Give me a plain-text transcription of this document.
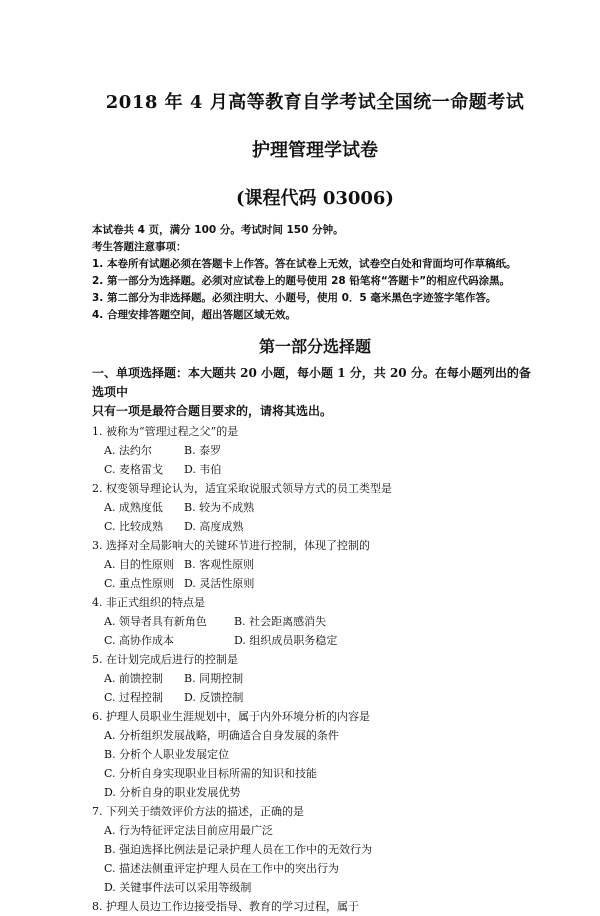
2018 年 4 月高等教育自学考试全国统一命题考试
护理管理学试卷
(课程代码 03006)

本试卷共 4 页，满分 100 分。考试时间 150 分钟。

考生答题注意事项：

1. 本卷所有试题必须在答题卡上作答。答在试卷上无效，试卷空白处和背面均可作草稿纸。

2. 第一部分为选择题。必须对应试卷上的题号使用 28 铅笔将“答题卡”的相应代码涂黑。

3. 第二部分为非选择题。必须注明大、小题号，使用 0．5 毫米黑色字迹签字笔作答。

4. 合理安排答题空间，超出答题区域无效。

第一部分选择题
一、单项选择题：本大题共 20 小题，每小题 1 分，共 20 分。在每小题列出的备选项中
只有一项是最符合题目要求的，请将其选出。
1. 被称为“管理过程之父”的是
A. 法约尔	B. 泰罗
C. 麦格雷戈	D. 韦伯
2. 权变领导理论认为，适宜采取说服式领导方式的员工类型是
A. 成熟度低	B. 较为不成熟
C. 比较成熟	D. 高度成熟
3. 选择对全局影响大的关键环节进行控制，体现了控制的
A. 目的性原则 B. 客观性原则
C. 重点性原则 D. 灵活性原则
4. 非正式组织的特点是
A. 领导者具有新角色	B. 社会距离感消失
C. 高协作成本	D. 组织成员职务稳定
5. 在计划完成后进行的控制是
A. 前馈控制	B. 同期控制
C. 过程控制	D. 反馈控制
6. 护理人员职业生涯规划中，属于内外环境分析的内容是
A. 分析组织发展战略，明确适合自身发展的条件
B. 分析个人职业发展定位
C. 分析自身实现职业目标所需的知识和技能
D. 分析自身的职业发展优势
7. 下列关于绩效评价方法的描述，正确的是
A. 行为特征评定法目前应用最广泛
B. 强迫选择比例法是记录护理人员在工作中的无效行为
C. 描述法侧重评定护理人员在工作中的突出行为
D. 关键事件法可以采用等级制
8. 护理人员边工作边接受指导、教育的学习过程，属于
